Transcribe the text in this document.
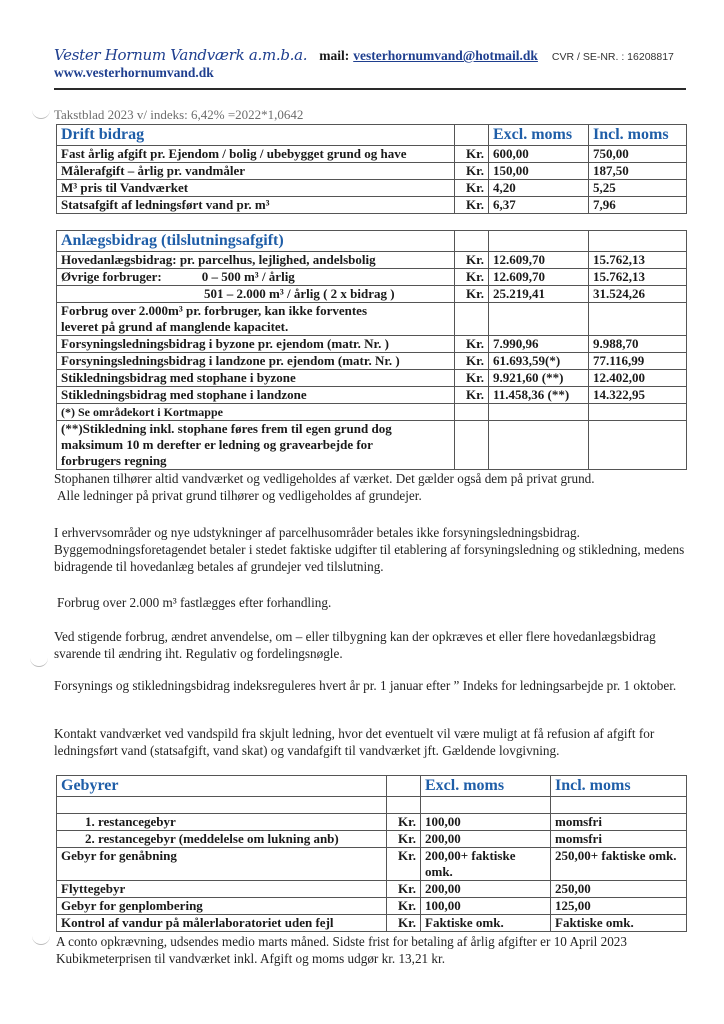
Vester Hornum Vandværk a.m.b.a. mail: vesterhornumvand@hotmail.dk CVR / SE-NR. : 16208817
www.vesterhornumvand.dk
Takstblad 2023 v/ indeks: 6,42% =2022*1,0642
Drift bidrag		Excl. moms	Incl. moms
Fast årlig afgift pr. Ejendom / bolig / ubebygget grund og have	Kr.	600,00	750,00
Målerafgift – årlig pr. vandmåler	Kr.	150,00	187,50
M³ pris til Vandværket	Kr.	4,20	5,25
Statsafgift af ledningsført vand pr. m³	Kr.	6,37	7,96
Anlægsbidrag (tilslutningsafgift)			
Hovedanlægsbidrag: pr. parcelhus, lejlighed, andelsbolig	Kr.	12.609,70	15.762,13
Øvrige forbruger: 0 – 500 m³ / årlig	Kr.	12.609,70	15.762,13
501 – 2.000 m³ / årlig ( 2 x bidrag )	Kr.	25.219,41	31.524,26
Forbrug over 2.000m³ pr. forbruger, kan ikke forventes leveret på grund af manglende kapacitet.			
Forsyningsledningsbidrag i byzone pr. ejendom (matr. Nr. )	Kr.	7.990,96	9.988,70
Forsyningsledningsbidrag i landzone pr. ejendom (matr. Nr. )	Kr.	61.693,59(*)	77.116,99
Stikledningsbidrag med stophane i byzone	Kr.	9.921,60 (**)	12.402,00
Stikledningsbidrag med stophane i landzone	Kr.	11.458,36 (**)	14.322,95
(*) Se områdekort i Kortmappe			
(**)Stikledning inkl. stophane føres frem til egen grund dog maksimum 10 m derefter er ledning og gravearbejde for forbrugers regning			
Stophanen tilhører altid vandværket og vedligeholdes af værket. Det gælder også dem på privat grund.
Alle ledninger på privat grund tilhører og vedligeholdes af grundejer.
I erhvervsområder og nye udstykninger af parcelhusområder betales ikke forsyningsledningsbidrag. Byggemodningsforetagendet betaler i stedet faktiske udgifter til etablering af forsyningsledning og stikledning, medens bidragende til hovedanlæg betales af grundejer ved tilslutning.
Forbrug over 2.000 m³ fastlægges efter forhandling.
Ved stigende forbrug, ændret anvendelse, om – eller tilbygning kan der opkræves et eller flere hovedanlægsbidrag svarende til ændring iht. Regulativ og fordelingsnøgle.
Forsynings og stikledningsbidrag indeksreguleres hvert år pr. 1 januar efter ” Indeks for ledningsarbejde pr. 1 oktober.
Kontakt vandværket ved vandspild fra skjult ledning, hvor det eventuelt vil være muligt at få refusion af afgift for ledningsført vand (statsafgift, vand skat) og vandafgift til vandværket jft. Gældende lovgivning.
Gebyrer		Excl. moms	Incl. moms

1. restancegebyr	Kr.	100,00	momsfri
2. restancegebyr (meddelelse om lukning anb)	Kr.	200,00	momsfri
Gebyr for genåbning	Kr.	200,00+ faktiske omk.	250,00+ faktiske omk.
Flyttegebyr	Kr.	200,00	250,00
Gebyr for genplombering	Kr.	100,00	125,00
Kontrol af vandur på målerlaboratoriet uden fejl	Kr.	Faktiske omk.	Faktiske omk.
A conto opkrævning, udsendes medio marts måned. Sidste frist for betaling af årlig afgifter er 10 April 2023
Kubikmeterprisen til vandværket inkl. Afgift og moms udgør kr. 13,21 kr.
